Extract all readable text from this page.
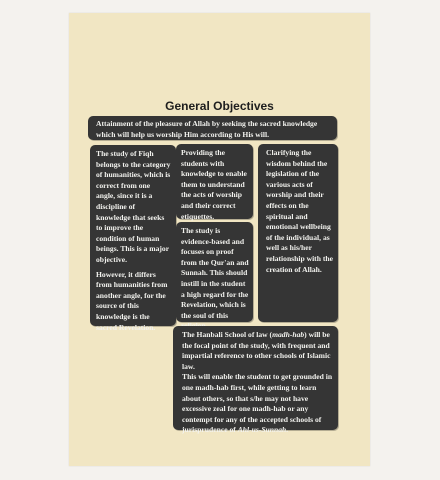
General Objectives

Attainment of the pleasure of Allah by seeking the sacred knowledge which will help us worship Him according to His will.

The study of Fiqh belongs to the category of humanities, which is correct from one angle, since it is a discipline of knowledge that seeks to improve the condition of human beings. This is a major objective.

However, it differs from humanities from another angle, for the source of this knowledge is the sacred Revelation.

Providing the students with knowledge to enable them to understand the acts of worship and their correct etiquettes.

The study is evidence-based and focuses on proof from the Qur'an and Sunnah. This should instill in the student a high regard for the Revelation, which is the soul of this

Clarifying the wisdom behind the legislation of the various acts of worship and their effects on the spiritual and emotional wellbeing of the individual, as well as his/her relationship with the creation of Allah.

The Hanbali School of law (madh-hab) will be the focal point of the study, with frequent and impartial reference to other schools of Islamic law.

This will enable the student to get grounded in one madh-hab first, while getting to learn about others, so that s/he may not have excessive zeal for one madh-hab or any contempt for any of the accepted schools of jurisprudence of Ahl-us-Sunnah.
